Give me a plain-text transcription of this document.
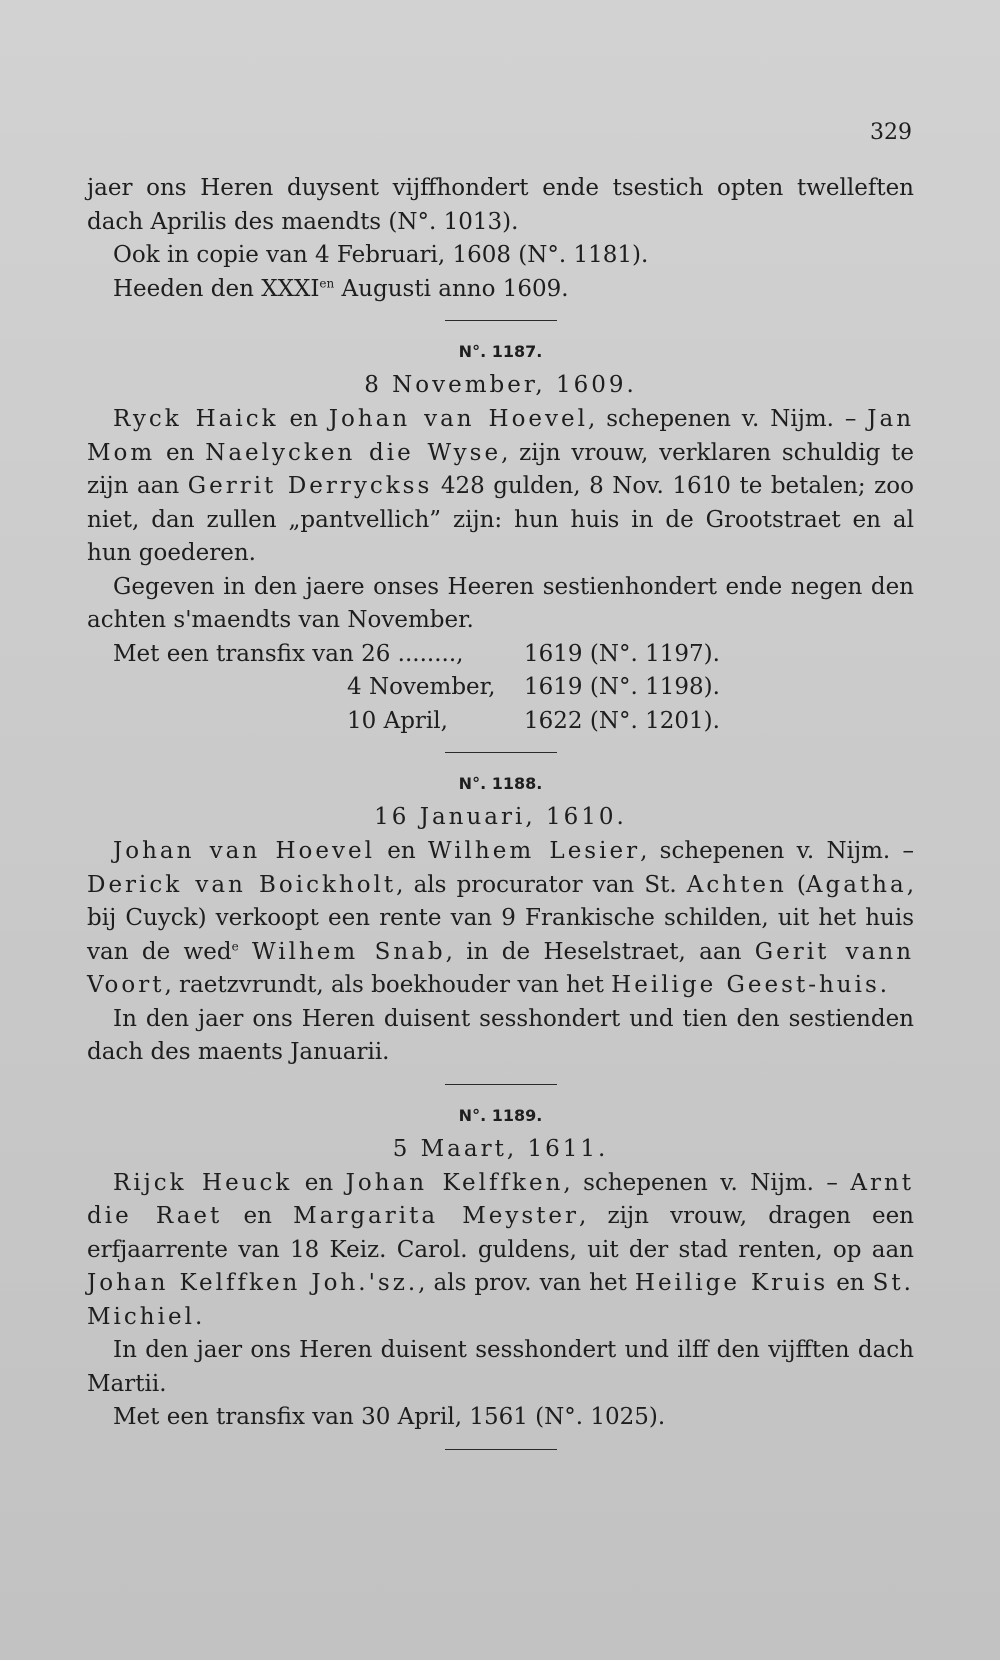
329

jaer ons Heren duysent vijffhondert ende tsestich opten twelleften dach Aprilis des maendts (N°. 1013).

Ook in copie van 4 Februari, 1608 (N°. 1181).

Heeden den $XXXI^{en}$ Augusti anno 1609.

N°. 1187.
8 November, 1609.

Ryck Haick en Johan van Hoevel, schepenen v. Nijm. – Jan Mom en Naelycken die Wyse, zijn vrouw, verklaren schuldig te zijn aan Gerrit Derryckss 428 gulden, 8 Nov. 1610 te betalen; zoo niet, dan zullen „pantvellich” zijn: hun huis in de Grootstraet en al hun goederen.

Gegeven in den jaere onses Heeren sestienhondert ende negen den achten s'maendts van November.

Met een transfix van 26 ........,	1619 (N°. 1197).
4 November, 1619 (N°. 1198).
10 April,	1622 (N°. 1201).
N°. 1188.
16 Januari, 1610.

Johan van Hoevel en Wilhem Lesier, schepenen v. Nijm. – Derick van Boickholt, als procurator van St. Achten (Agatha, bij Cuyck) verkoopt een rente van 9 Frankische schilden, uit het huis van de wed$^e$ Wilhem Snab, in de Heselstraet, aan Gerit vann Voort, raetzvrundt, als boekhouder van het Heilige Geest-huis.

In den jaer ons Heren duisent sesshondert und tien den sestienden dach des maents Januarii.

N°. 1189.
5 Maart, 1611.

Rijck Heuck en Johan Kelffken, schepenen v. Nijm. – Arnt die Raet en Margarita Meyster, zijn vrouw, dragen een erfjaarrente van 18 Keiz. Carol. guldens, uit der stad renten, op aan Johan Kelffken Joh.'sz., als prov. van het Heilige Kruis en St. Michiel.

In den jaer ons Heren duisent sesshondert und ilff den vijfften dach Martii.

Met een transfix van 30 April, 1561 (N°. 1025).
